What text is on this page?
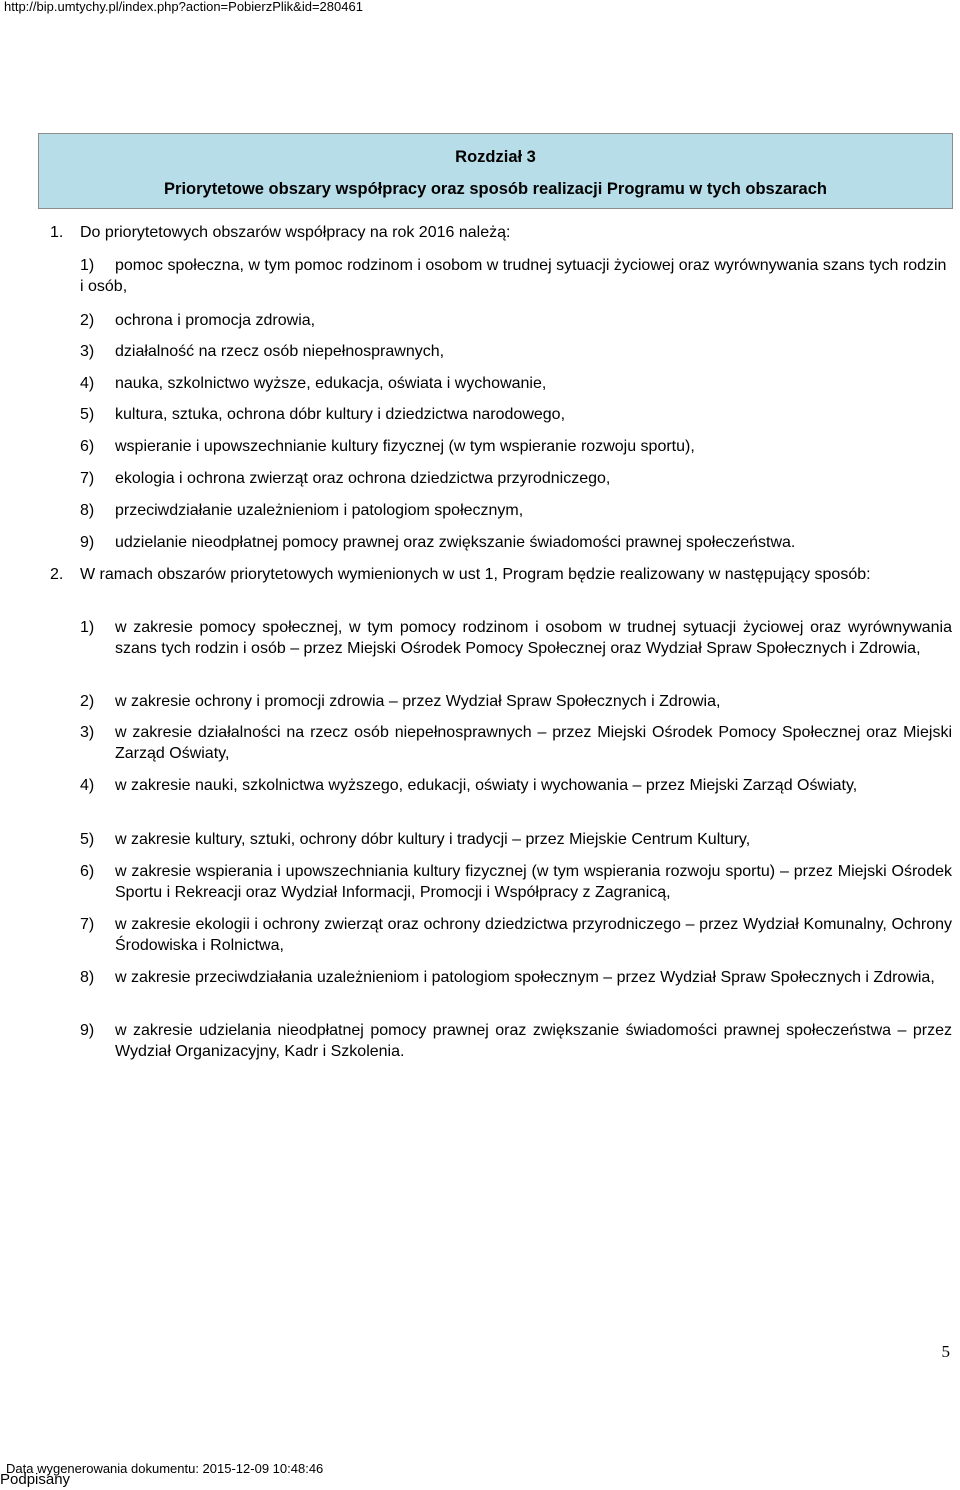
http://bip.umtychy.pl/index.php?action=PobierzPlik&id=280461
Rozdział 3
Priorytetowe obszary współpracy oraz sposób realizacji Programu w tych obszarach
1. Do priorytetowych obszarów współpracy na rok 2016 należą:
1)	pomoc społeczna, w tym pomoc rodzinom i osobom w trudnej sytuacji życiowej oraz wyrównywania szans tych rodzin i osób,
2) ochrona i promocja zdrowia,
3) działalność na rzecz osób niepełnosprawnych,
4) nauka, szkolnictwo wyższe, edukacja, oświata i wychowanie,
5) kultura, sztuka, ochrona dóbr kultury i dziedzictwa narodowego,
6) wspieranie i upowszechnianie kultury fizycznej (w tym wspieranie rozwoju sportu),
7) ekologia i ochrona zwierząt oraz ochrona dziedzictwa przyrodniczego,
8) przeciwdziałanie uzależnieniom i patologiom społecznym,
9) udzielanie nieodpłatnej pomocy prawnej oraz zwiększanie świadomości prawnej społeczeństwa.
2. W ramach obszarów priorytetowych wymienionych w ust 1, Program będzie realizowany w następujący sposób:
1) w zakresie pomocy społecznej, w tym pomocy rodzinom i osobom w trudnej sytuacji życiowej oraz wyrównywania szans tych rodzin i osób – przez Miejski Ośrodek Pomocy Społecznej oraz Wydział Spraw Społecznych i Zdrowia,
2) w zakresie ochrony i promocji zdrowia – przez Wydział Spraw Społecznych i Zdrowia,
3) w zakresie działalności na rzecz osób niepełnosprawnych – przez Miejski Ośrodek Pomocy Społecznej oraz Miejski Zarząd Oświaty,
4) w zakresie nauki, szkolnictwa wyższego, edukacji, oświaty i wychowania – przez Miejski Zarząd Oświaty,
5) w zakresie kultury, sztuki, ochrony dóbr kultury i tradycji – przez Miejskie Centrum Kultury,
6) w zakresie wspierania i upowszechniania kultury fizycznej (w tym wspierania rozwoju sportu) – przez Miejski Ośrodek Sportu i Rekreacji oraz Wydział Informacji, Promocji i Współpracy z Zagranicą,
7) w zakresie ekologii i ochrony zwierząt oraz ochrony dziedzictwa przyrodniczego – przez Wydział Komunalny, Ochrony Środowiska i Rolnictwa,
8) w zakresie przeciwdziałania uzależnieniom i patologiom społecznym – przez Wydział Spraw Społecznych i Zdrowia,
9) w zakresie udzielania nieodpłatnej pomocy prawnej oraz zwiększanie świadomości prawnej społeczeństwa – przez Wydział Organizacyjny, Kadr i Szkolenia.
5
Data wygenerowania dokumentu: 2015-12-09 10:48:46
Podpisany
